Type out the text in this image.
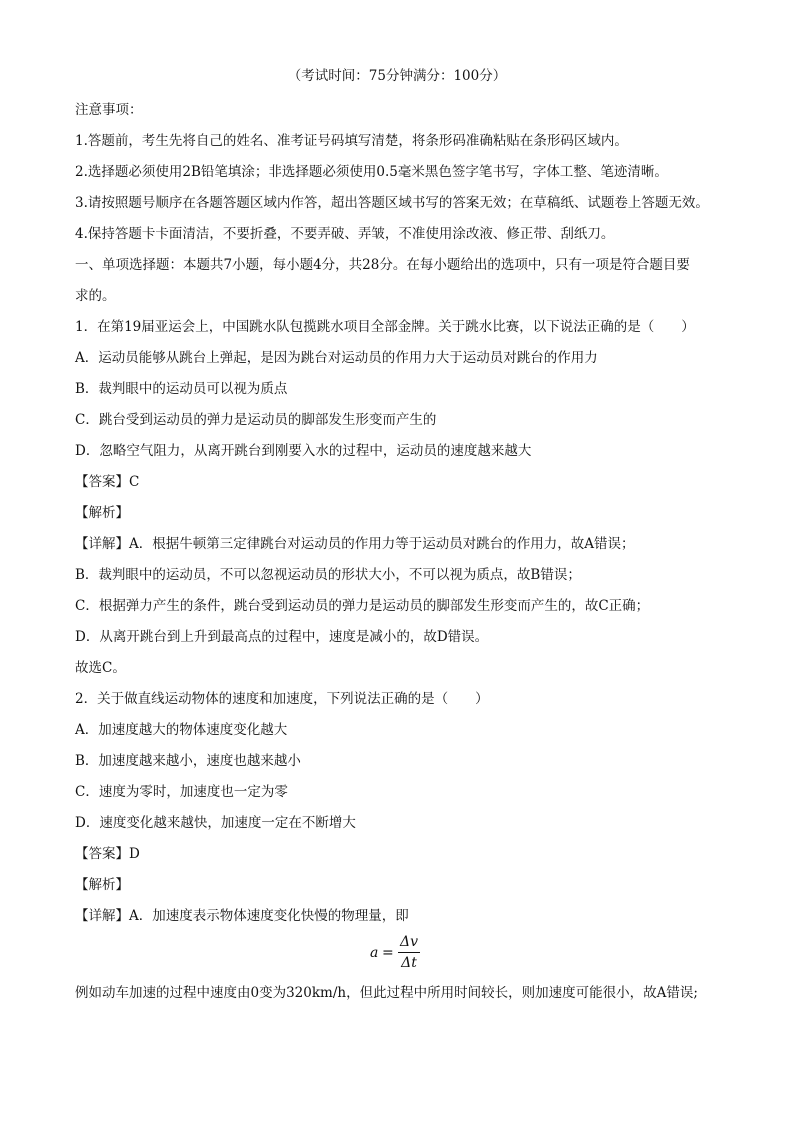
（考试时间：75分钟满分：100分）
注意事项：
1.答题前，考生先将自己的姓名、准考证号码填写清楚，将条形码准确粘贴在条形码区域内。
2.选择题必须使用2B铅笔填涂；非选择题必须使用0.5毫米黑色签字笔书写，字体工整、笔迹清晰。
3.请按照题号顺序在各题答题区域内作答，超出答题区域书写的答案无效；在草稿纸、试题卷上答题无效。
4.保持答题卡卡面清洁，不要折叠，不要弄破、弄皱，不准使用涂改液、修正带、刮纸刀。
一、单项选择题：本题共7小题，每小题4分，共28分。在每小题给出的选项中，只有一项是符合题目要
求的。
1．在第19届亚运会上，中国跳水队包揽跳水项目全部金牌。关于跳水比赛，以下说法正确的是（　　）
A．运动员能够从跳台上弹起，是因为跳台对运动员的作用力大于运动员对跳台的作用力
B．裁判眼中的运动员可以视为质点
C．跳台受到运动员的弹力是运动员的脚部发生形变而产生的
D．忽略空气阻力，从离开跳台到刚要入水的过程中，运动员的速度越来越大
【答案】C
【解析】
【详解】A．根据牛顿第三定律跳台对运动员的作用力等于运动员对跳台的作用力，故A错误；
B．裁判眼中的运动员，不可以忽视运动员的形状大小，不可以视为质点，故B错误；
C．根据弹力产生的条件，跳台受到运动员的弹力是运动员的脚部发生形变而产生的，故C正确；
D．从离开跳台到上升到最高点的过程中，速度是减小的，故D错误。
故选C。
2．关于做直线运动物体的速度和加速度，下列说法正确的是（　　）
A．加速度越大的物体速度变化越大
B．加速度越来越小，速度也越来越小
C．速度为零时，加速度也一定为零
D．速度变化越来越快，加速度一定在不断增大
【答案】D
【解析】
【详解】A．加速度表示物体速度变化快慢的物理量，即
a =
Δv
Δt
例如动车加速的过程中速度由0变为320km/h，但此过程中所用时间较长，则加速度可能很小，故A错误;
